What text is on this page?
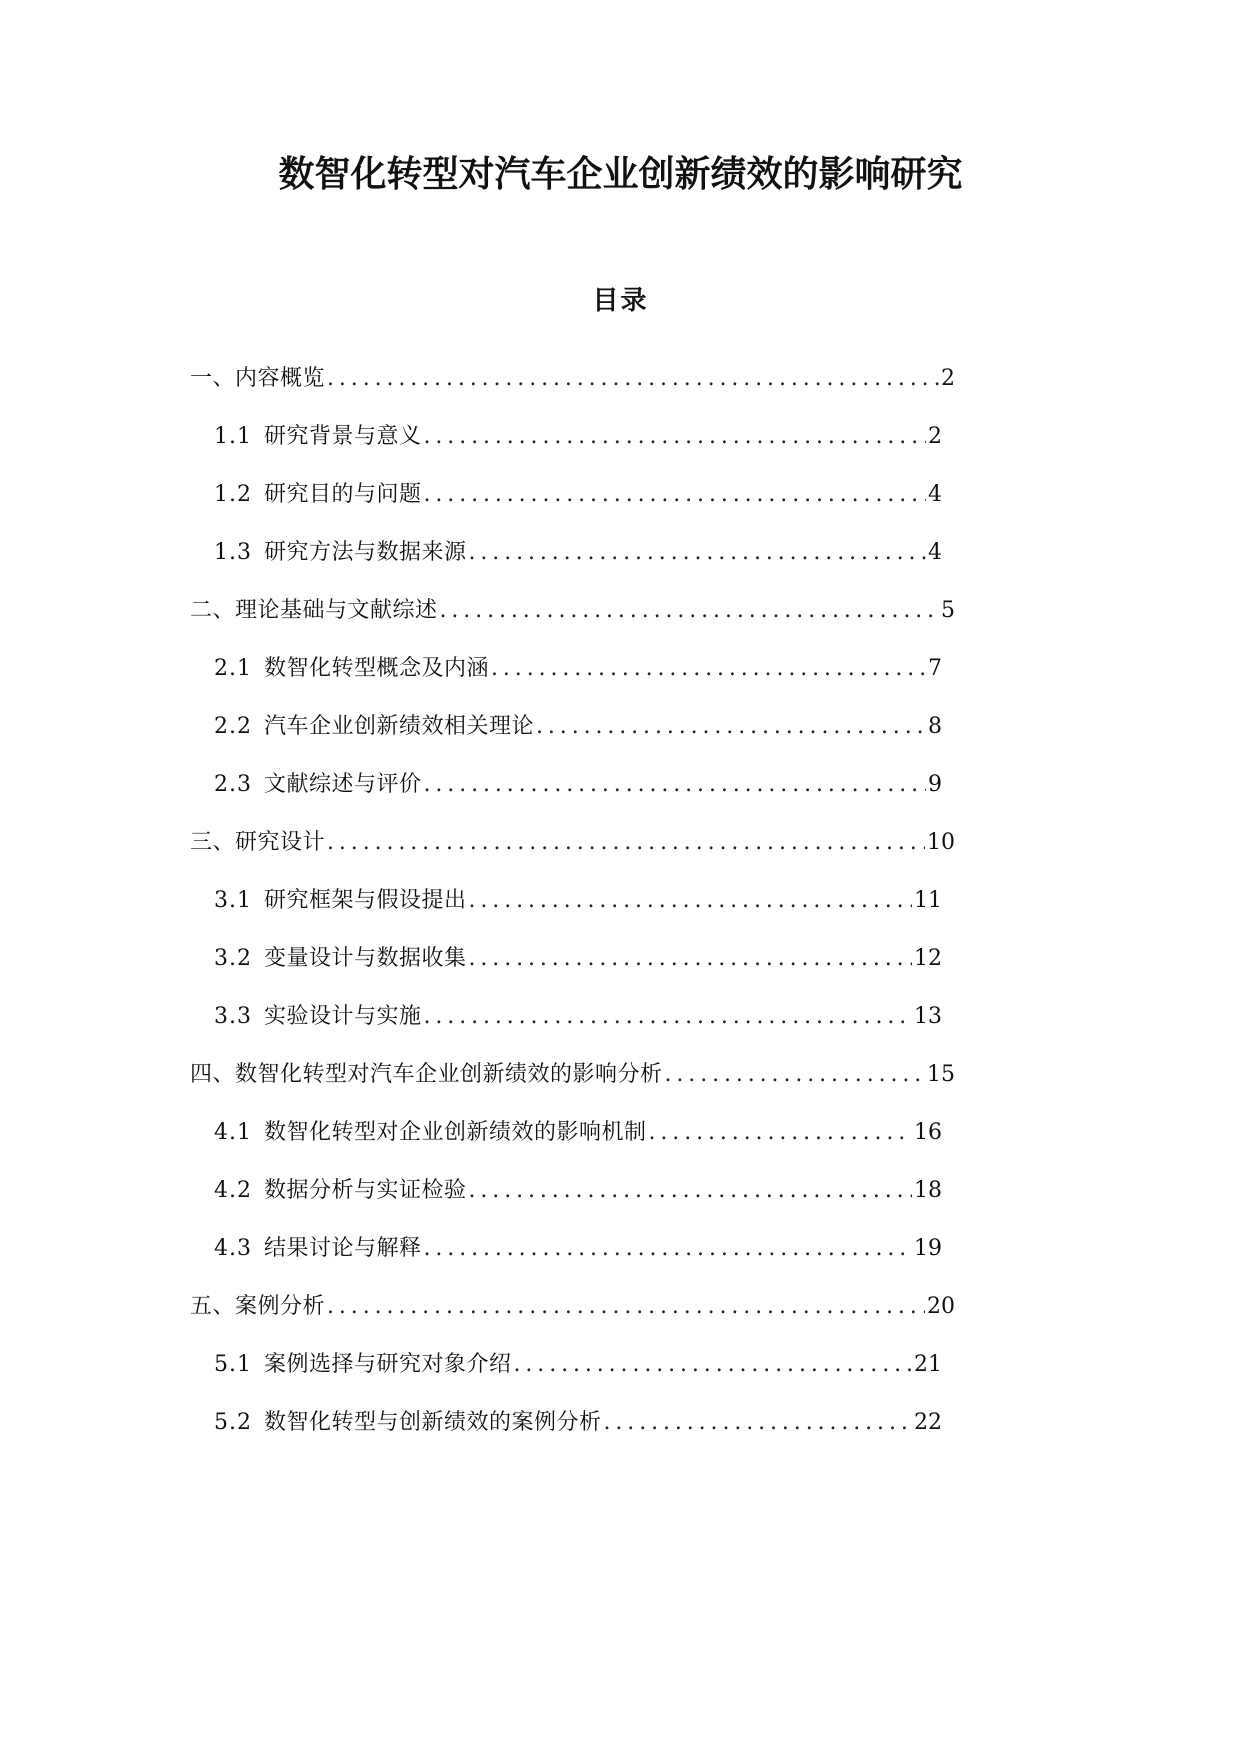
数智化转型对汽车企业创新绩效的影响研究
目录
一、内容概览 .....	2
1.1 研究背景与意义 .....	2
1.2 研究目的与问题 .....	4
1.3 研究方法与数据来源 .....	4
二、理论基础与文献综述 .....	5
2.1 数智化转型概念及内涵 .....	7
2.2 汽车企业创新绩效相关理论 .....	8
2.3 文献综述与评价 .....	9
三、研究设计 .....	10
3.1 研究框架与假设提出 .....	11
3.2 变量设计与数据收集 .....	12
3.3 实验设计与实施 .....	13
四、数智化转型对汽车企业创新绩效的影响分析 .....	15
4.1 数智化转型对企业创新绩效的影响机制 .....	16
4.2 数据分析与实证检验 .....	18
4.3 结果讨论与解释 .....	19
五、案例分析 .....	20
5.1 案例选择与研究对象介绍 .....	21
5.2 数智化转型与创新绩效的案例分析 .....	22
